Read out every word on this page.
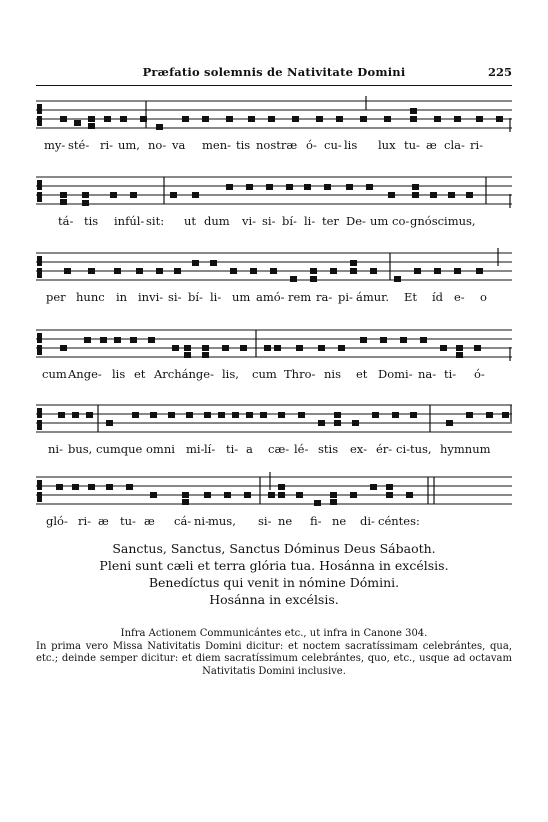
Præfatio solemnis de Nativitate Domini	225
my- sté- ri- um, no- va men- tis nostræ ó- cu- lis lux tu- æ cla- ri-
tá- tis infúl- sit: ut dum vi- si- bí- li- ter De- um co- gnóscimus,
per hunc in invi- si- bí- li- um amó- rem ra- pi- ámur. Et íd e- o
cum Ange- lis et Archánge- lis, cum Thro- nis et Domi- na- ti- ó-
ni- bus, cumque omni mi- lí- ti- a cæ- lé- stis ex- ér- ci- tus, hymnum
gló- ri- æ tu- æ cá- ni- mus, si- ne fi- ne di- céntes:
Sanctus, Sanctus, Sanctus Dóminus Deus Sábaoth.
Pleni sunt cæli et terra glória tua. Hosánna in excélsis.
Benedíctus qui venit in nómine Dómini.
Hosánna in excélsis.
Infra Actionem Communicántes etc., ut infra in Canone 304.
In prima vero Missa Nativitatis Domini dicitur: et noctem sacratíssimam celebrántes, qua, etc.; deinde semper dicitur: et diem sacratíssimum celebrántes, quo, etc., usque ad octavam Nativitatis Domini inclusive.
